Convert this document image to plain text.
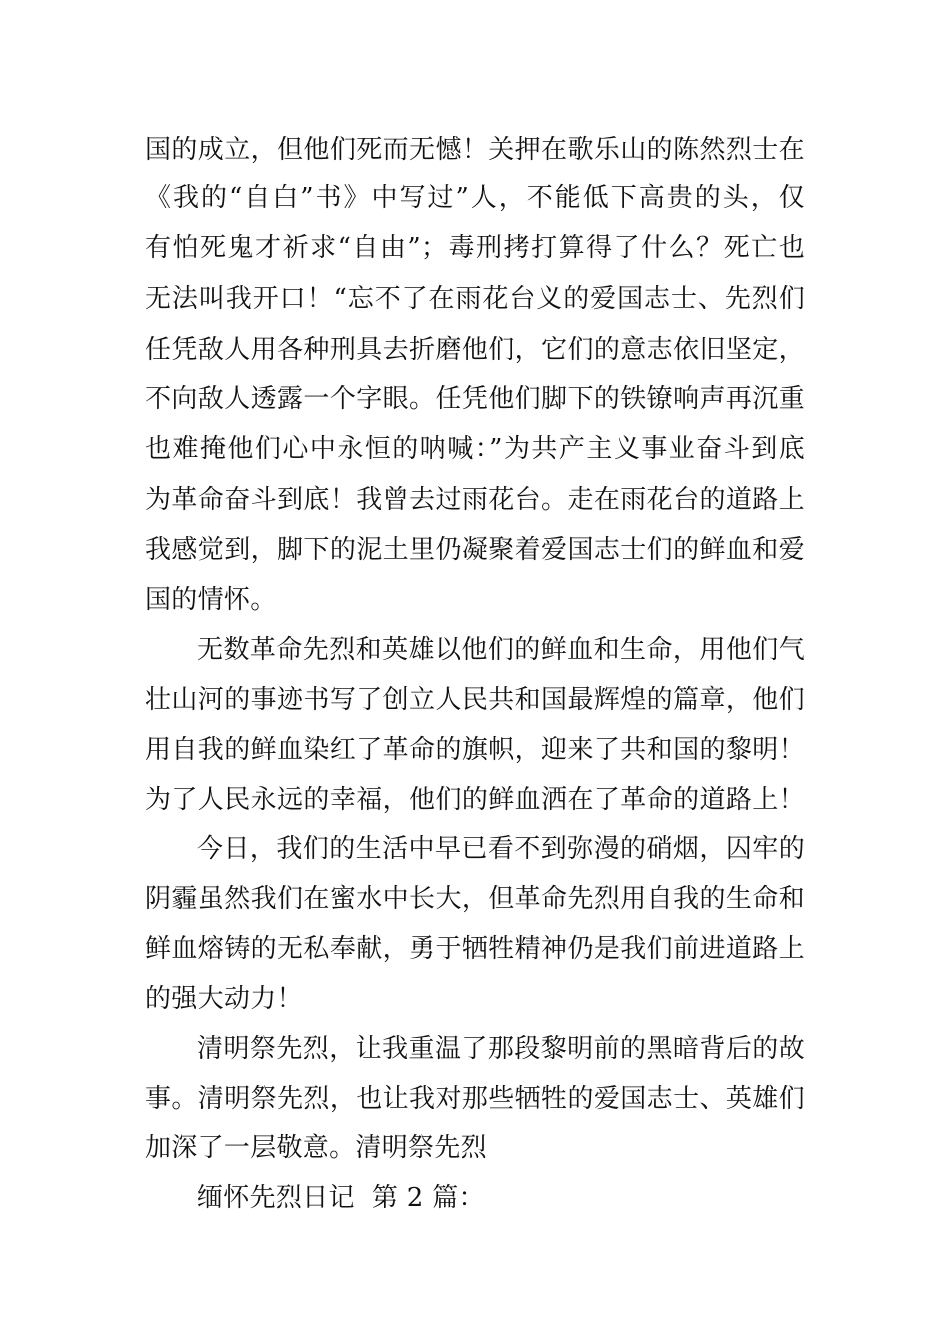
国的成立，但他们死而无憾！关押在歌乐山的陈然烈士在
《我的“自白”书》中写过”人，不能低下高贵的头，仅
有怕死鬼才祈求“自由”；毒刑拷打算得了什么？死亡也
无法叫我开口！“忘不了在雨花台义的爱国志士、先烈们
任凭敌人用各种刑具去折磨他们，它们的意志依旧坚定，
不向敌人透露一个字眼。任凭他们脚下的铁镣响声再沉重
也难掩他们心中永恒的呐喊：”为共产主义事业奋斗到底
为革命奋斗到底！我曾去过雨花台。走在雨花台的道路上
我感觉到，脚下的泥土里仍凝聚着爱国志士们的鲜血和爱
国的情怀。
无数革命先烈和英雄以他们的鲜血和生命，用他们气
壮山河的事迹书写了创立人民共和国最辉煌的篇章，他们
用自我的鲜血染红了革命的旗帜，迎来了共和国的黎明！
为了人民永远的幸福，他们的鲜血洒在了革命的道路上！
今日，我们的生活中早已看不到弥漫的硝烟，囚牢的
阴霾虽然我们在蜜水中长大，但革命先烈用自我的生命和
鲜血熔铸的无私奉献，勇于牺牲精神仍是我们前进道路上
的强大动力！
清明祭先烈，让我重温了那段黎明前的黑暗背后的故
事。清明祭先烈，也让我对那些牺牲的爱国志士、英雄们
加深了一层敬意。清明祭先烈
缅怀先烈日记  第 2 篇：
